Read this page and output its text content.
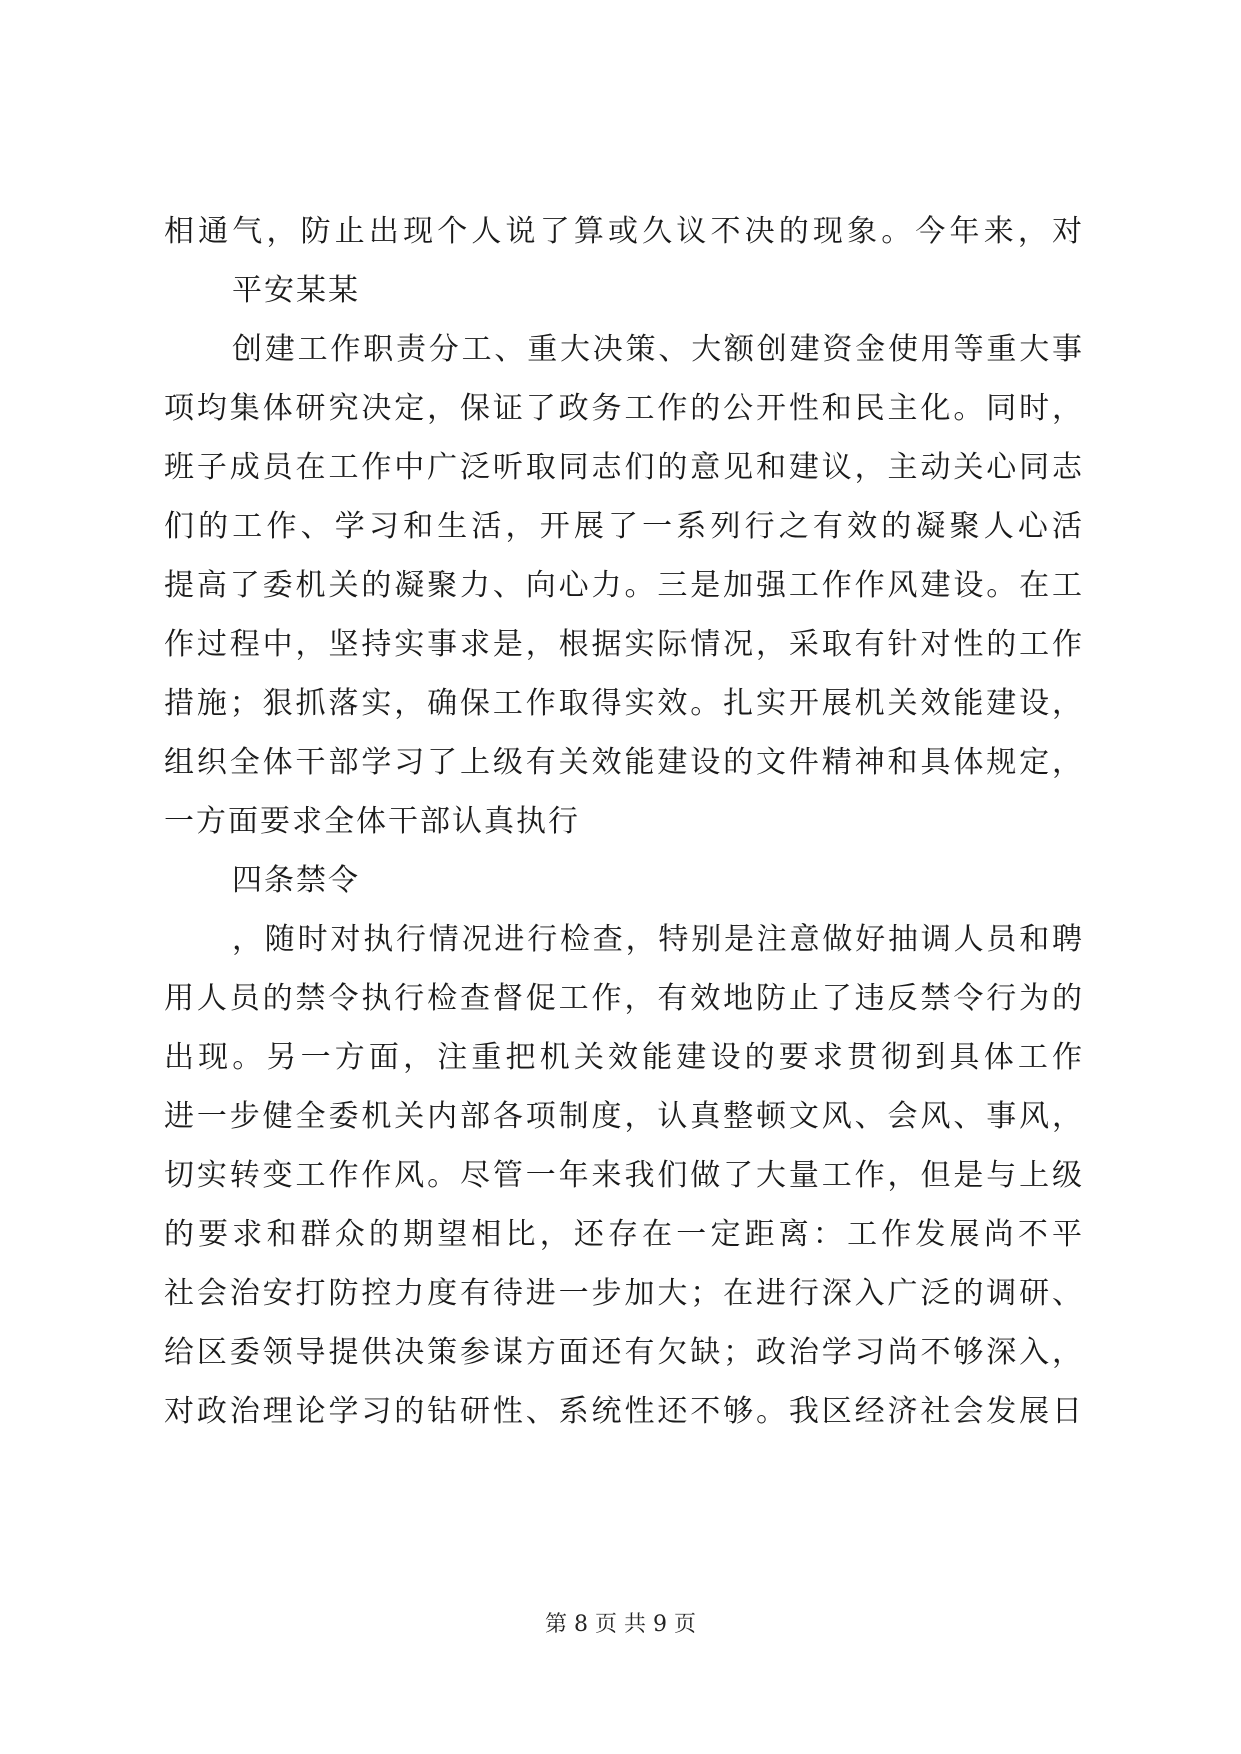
相通气，防止出现个人说了算或久议不决的现象。今年来，对
平安某某
创建工作职责分工、重大决策、大额创建资金使用等重大事
项均集体研究决定，保证了政务工作的公开性和民主化。同时，
班子成员在工作中广泛听取同志们的意见和建议，主动关心同志
们的工作、学习和生活，开展了一系列行之有效的凝聚人心活
提高了委机关的凝聚力、向心力。三是加强工作作风建设。在工
作过程中，坚持实事求是，根据实际情况，采取有针对性的工作
措施；狠抓落实，确保工作取得实效。扎实开展机关效能建设，
组织全体干部学习了上级有关效能建设的文件精神和具体规定，
一方面要求全体干部认真执行
四条禁令
，随时对执行情况进行检查，特别是注意做好抽调人员和聘
用人员的禁令执行检查督促工作，有效地防止了违反禁令行为的
出现。另一方面，注重把机关效能建设的要求贯彻到具体工作
进一步健全委机关内部各项制度，认真整顿文风、会风、事风，
切实转变工作作风。尽管一年来我们做了大量工作，但是与上级
的要求和群众的期望相比，还存在一定距离：工作发展尚不平
社会治安打防控力度有待进一步加大；在进行深入广泛的调研、
给区委领导提供决策参谋方面还有欠缺；政治学习尚不够深入，
对政治理论学习的钻研性、系统性还不够。我区经济社会发展日
第 8 页 共 9 页
